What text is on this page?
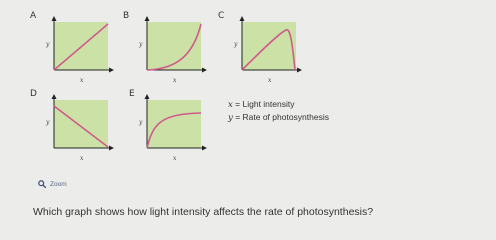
A
y
x
B
y
x
C
y
x
D
y
x
E
y
x
x = Light intensity
y = Rate of photosynthesis
Zoom
Which graph shows how light intensity affects the rate of photosynthesis?
